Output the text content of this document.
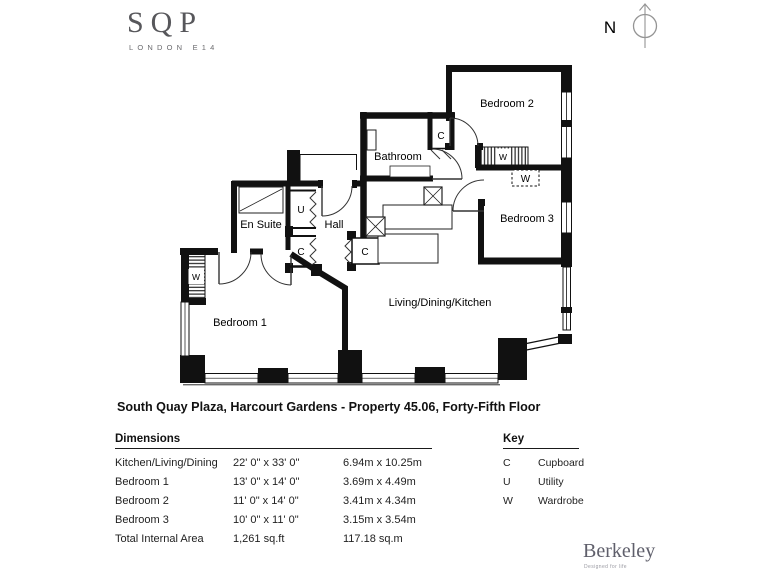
SQP
LONDON E14
N
Bedroom 2
Bathroom
Bedroom 3
En Suite	Hall
Bedroom 1
Living/Dining/Kitchen
C
U
C	C
W
W
W
South Quay Plaza, Harcourt Gardens - Property 45.06, Forty-Fifth Floor
Dimensions
Kitchen/Living/Dining	22' 0" x 33' 0"	6.94m x 10.25m
Bedroom 1	13' 0" x 14' 0"	3.69m x 4.49m
Bedroom 2	11' 0" x 14' 0"	3.41m x 4.34m
Bedroom 3	10' 0" x 11' 0"	3.15m x 3.54m
Total Internal Area	1,261 sq.ft	117.18 sq.m
Key
C	Cupboard
U	Utility
W	Wardrobe
Berkeley
Designed for life
